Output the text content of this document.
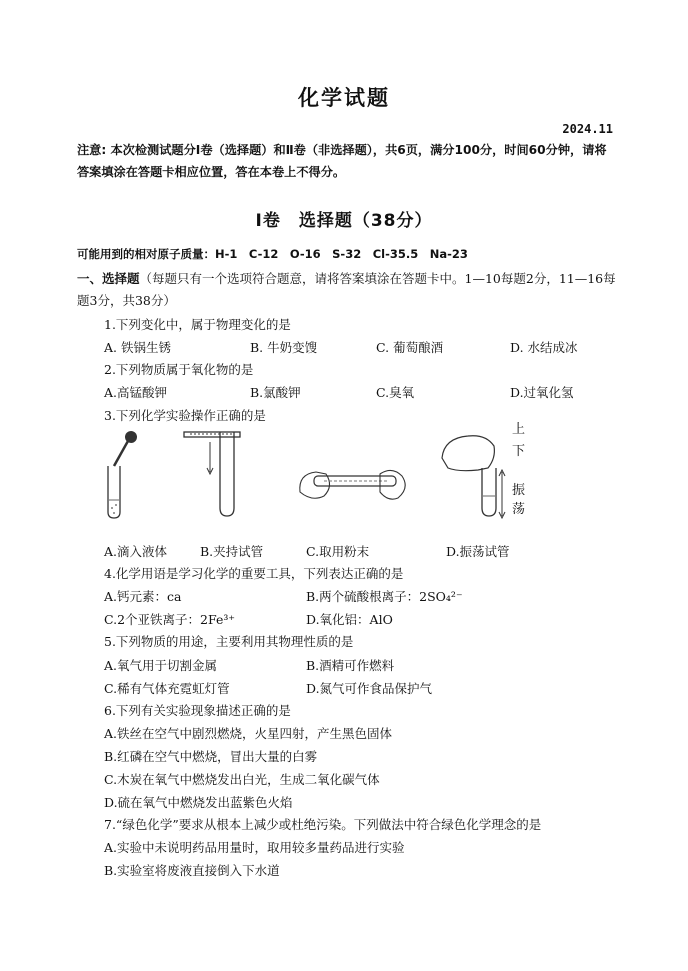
化学试题
2024.11
注意: 本次检测试题分Ⅰ卷（选择题）和Ⅱ卷（非选择题），共6页，满分100分，时间60分钟，请将答案填涂在答题卡相应位置，答在本卷上不得分。
Ⅰ卷　选择题（38分）
可能用到的相对原子质量：H-1　C-12　O-16　S-32　Cl-35.5　Na-23
一、选择题（每题只有一个选项符合题意，请将答案填涂在答题卡中。1—10每题2分，11—16每题3分，共38分）
1.下列变化中，属于物理变化的是
A. 铁锅生锈	B. 牛奶变馊	C. 葡萄酿酒	D. 水结成冰
2.下列物质属于氧化物的是
A.高锰酸钾	B.氯酸钾	C.臭氧	D.过氧化氢
3.下列化学实验操作正确的是
上
下
振
荡
A.滴入液体	B.夹持试管	C.取用粉末	D.振荡试管
4.化学用语是学习化学的重要工具，下列表达正确的是
A.钙元素：ca	B.两个硫酸根离子：2SO₄²⁻
C.2个亚铁离子：2Fe³⁺	D.氧化铝：AlO
5.下列物质的用途，主要利用其物理性质的是
A.氧气用于切割金属	B.酒精可作燃料
C.稀有气体充霓虹灯管	D.氮气可作食品保护气
6.下列有关实验现象描述正确的是
A.铁丝在空气中剧烈燃烧，火星四射，产生黑色固体
B.红磷在空气中燃烧，冒出大量的白雾
C.木炭在氧气中燃烧发出白光，生成二氧化碳气体
D.硫在氧气中燃烧发出蓝紫色火焰
7.“绿色化学”要求从根本上减少或杜绝污染。下列做法中符合绿色化学理念的是
A.实验中未说明药品用量时，取用较多量药品进行实验
B.实验室将废液直接倒入下水道
